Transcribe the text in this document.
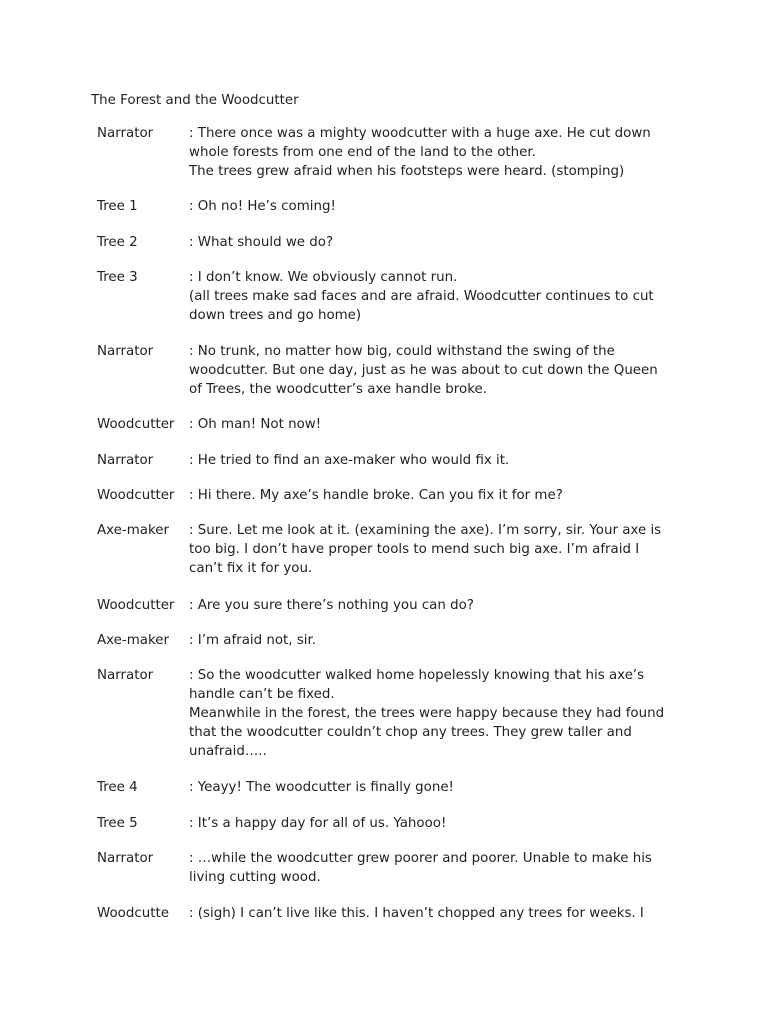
The Forest and the Woodcutter
Narrator	: There once was a mighty woodcutter with a huge axe. He cut down
whole forests from one end of the land to the other.
The trees grew afraid when his footsteps were heard. (stomping)
Tree 1	: Oh no! He’s coming!
Tree 2	: What should we do?
Tree 3	: I don’t know. We obviously cannot run.
(all trees make sad faces and are afraid. Woodcutter continues to cut
down trees and go home)
Narrator	: No trunk, no matter how big, could withstand the swing of the
woodcutter. But one day, just as he was about to cut down the Queen
of Trees, the woodcutter’s axe handle broke.
Woodcutter : Oh man! Not now!
Narrator	: He tried to find an axe-maker who would fix it.
Woodcutter : Hi there. My axe’s handle broke. Can you fix it for me?
Axe-maker	: Sure. Let me look at it. (examining the axe). I’m sorry, sir. Your axe is
too big. I don’t have proper tools to mend such big axe. I’m afraid I
can’t fix it for you.
Woodcutter : Are you sure there’s nothing you can do?
Axe-maker	: I’m afraid not, sir.
Narrator	: So the woodcutter walked home hopelessly knowing that his axe’s
handle can’t be fixed.
Meanwhile in the forest, the trees were happy because they had found
that the woodcutter couldn’t chop any trees. They grew taller and
unafraid…..
Tree 4	: Yeayy! The woodcutter is finally gone!
Tree 5	: It’s a happy day for all of us. Yahooo!
Narrator	: …while the woodcutter grew poorer and poorer. Unable to make his
living cutting wood.
Woodcutte	: (sigh) I can’t live like this. I haven’t chopped any trees for weeks. I
